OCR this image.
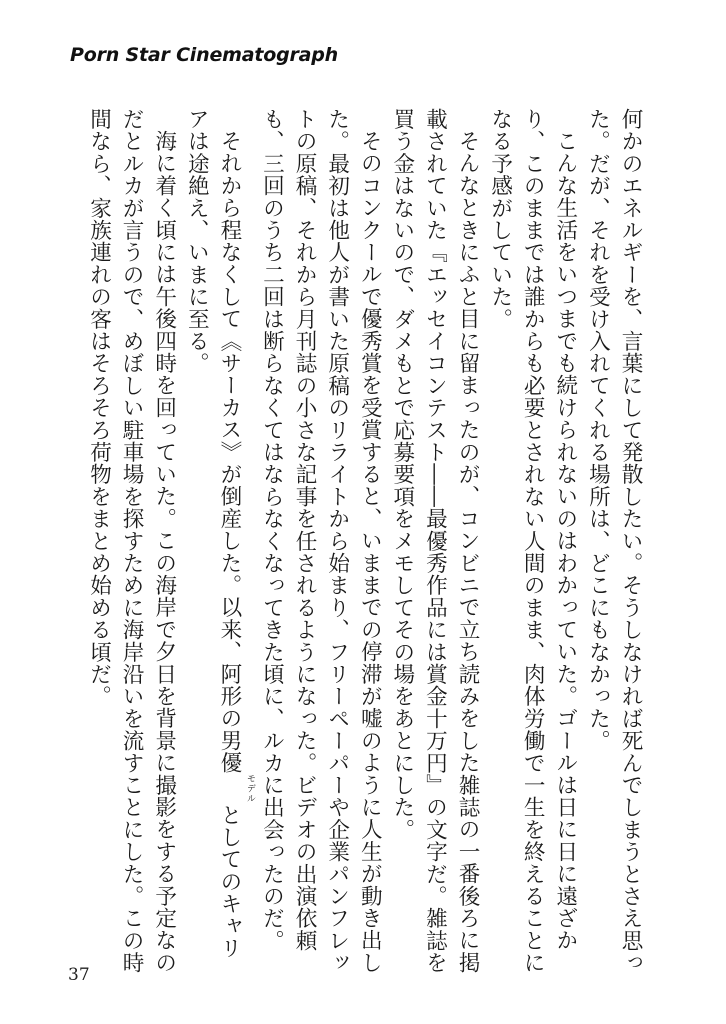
Porn Star Cinematograph

何かのエネルギーを、言葉にして発散したい。そうしなければ死んでしまうとさえ思った。だが、それを受け入れてくれる場所は、どこにもなかった。

こんな生活をいつまでも続けられないのはわかっていた。ゴールは日に日に遠ざかり、このままでは誰からも必要とされない人間のまま、肉体労働で一生を終えることになる予感がしていた。

そんなときにふと目に留まったのが、コンビニで立ち読みをした雑誌の一番後ろに掲載されていた『エッセイコンテスト――最優秀作品には賞金十万円』の文字だ。雑誌を買う金はないので、ダメもとで応募要項をメモしてその場をあとにした。

そのコンクールで優秀賞を受賞すると、いままでの停滞が嘘のように人生が動き出した。最初は他人が書いた原稿のリライトから始まり、フリーペーパーや企業パンフレットの原稿、それから月刊誌の小さな記事を任されるようになった。ビデオの出演依頼も、三回のうち二回は断らなくてはならなくなってきた頃に、ルカに出会ったのだ。

それから程なくして《サーカス》が倒産した。以来、阿形の男優モデルとしてのキャリアは途絶え、いまに至る。

海に着く頃には午後四時を回っていた。この海岸で夕日を背景に撮影をする予定なのだとルカが言うので、めぼしい駐車場を探すために海岸沿いを流すことにした。この時間なら、家族連れの客はそろそろ荷物をまとめ始める頃だ。

37
